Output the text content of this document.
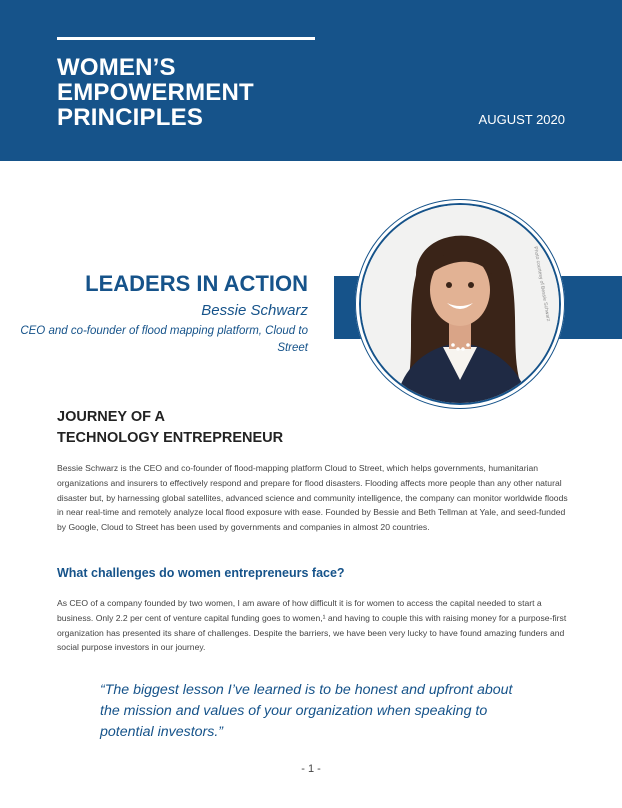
WOMEN’S
EMPOWERMENT
PRINCIPLES	AUGUST 2020
Photo courtesy of Bessie Schwarz
LEADERS IN ACTION
Bessie Schwarz
CEO and co-founder of flood mapping platform, Cloud to Street
JOURNEY OF A
TECHNOLOGY ENTREPRENEUR

Bessie Schwarz is the CEO and co-founder of flood-mapping platform Cloud to Street, which helps governments, humanitarian organizations and insurers to effectively respond and prepare for flood disasters. Flooding affects more people than any other natural disaster but, by harnessing global satellites, advanced science and community intelligence, the company can monitor worldwide floods in near real-time and remotely analyze local flood exposure with ease. Founded by Bessie and Beth Tellman at Yale, and seed-funded by Google, Cloud to Street has been used by governments and companies in almost 20 countries.

What challenges do women entrepreneurs face?

As CEO of a company founded by two women, I am aware of how difficult it is for women to access the capital needed to start a business. Only 2.2 per cent of venture capital funding goes to women,¹ and having to couple this with raising money for a purpose-first organization has presented its share of challenges. Despite the barriers, we have been very lucky to have found amazing funders and social purpose investors in our journey.

“The biggest lesson I’ve learned is to be honest and upfront about the mission and values of your organization when speaking to potential investors.”

- 1 -
